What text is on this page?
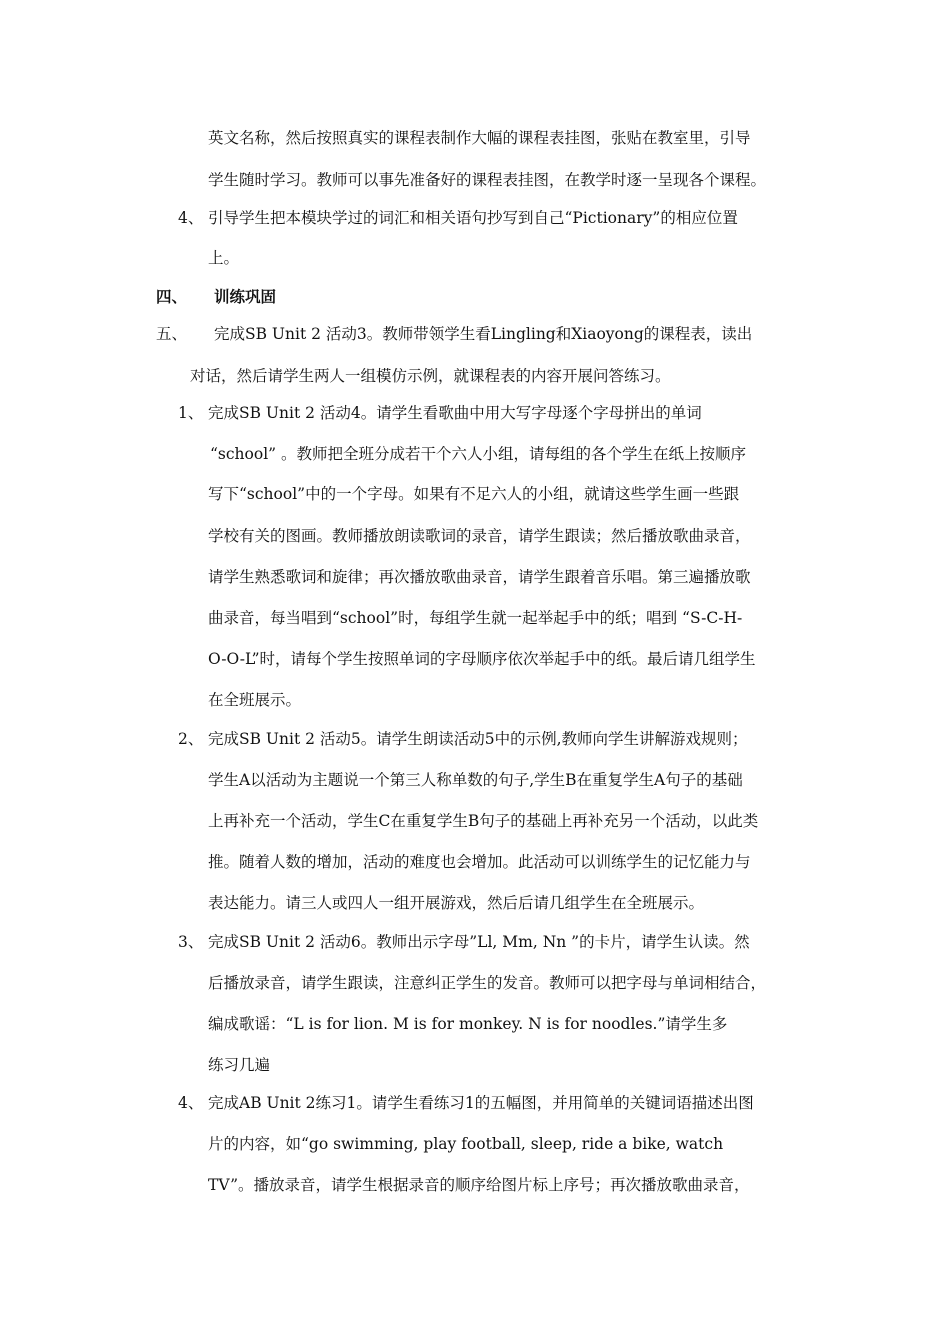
英文名称，然后按照真实的课程表制作大幅的课程表挂图，张贴在教室里，引导
学生随时学习。教师可以事先准备好的课程表挂图，在教学时逐一呈现各个课程。
4、 引导学生把本模块学过的词汇和相关语句抄写到自己“Pictionary”的相应位置
上。
四、 训练巩固
五、 完成SB Unit 2 活动3。教师带领学生看Lingling和Xiaoyong的课程表，读出
对话，然后请学生两人一组模仿示例，就课程表的内容开展问答练习。
1、 完成SB Unit 2 活动4。请学生看歌曲中用大写字母逐个字母拼出的单词
“school” 。教师把全班分成若干个六人小组，请每组的各个学生在纸上按顺序
写下“school”中的一个字母。如果有不足六人的小组，就请这些学生画一些跟
学校有关的图画。教师播放朗读歌词的录音，请学生跟读；然后播放歌曲录音，
请学生熟悉歌词和旋律；再次播放歌曲录音，请学生跟着音乐唱。第三遍播放歌
曲录音，每当唱到“school”时，每组学生就一起举起手中的纸；唱到 “S-C-H-
O-O-L”时，请每个学生按照单词的字母顺序依次举起手中的纸。最后请几组学生
在全班展示。
2、 完成SB Unit 2 活动5。请学生朗读活动5中的示例,教师向学生讲解游戏规则；
学生A以活动为主题说一个第三人称单数的句子,学生B在重复学生A句子的基础
上再补充一个活动，学生C在重复学生B句子的基础上再补充另一个活动，以此类
推。随着人数的增加，活动的难度也会增加。此活动可以训练学生的记忆能力与
表达能力。请三人或四人一组开展游戏，然后后请几组学生在全班展示。
3、 完成SB Unit 2 活动6。教师出示字母”Ll, Mm, Nn ”的卡片，请学生认读。然
后播放录音，请学生跟读，注意纠正学生的发音。教师可以把字母与单词相结合，
编成歌谣：“L is for lion. M is for monkey. N is for noodles.”请学生多
练习几遍
4、 完成AB Unit 2练习1。请学生看练习1的五幅图，并用简单的关键词语描述出图
片的内容，如“go swimming, play football, sleep, ride a bike, watch
TV”。播放录音，请学生根据录音的顺序给图片标上序号；再次播放歌曲录音，
